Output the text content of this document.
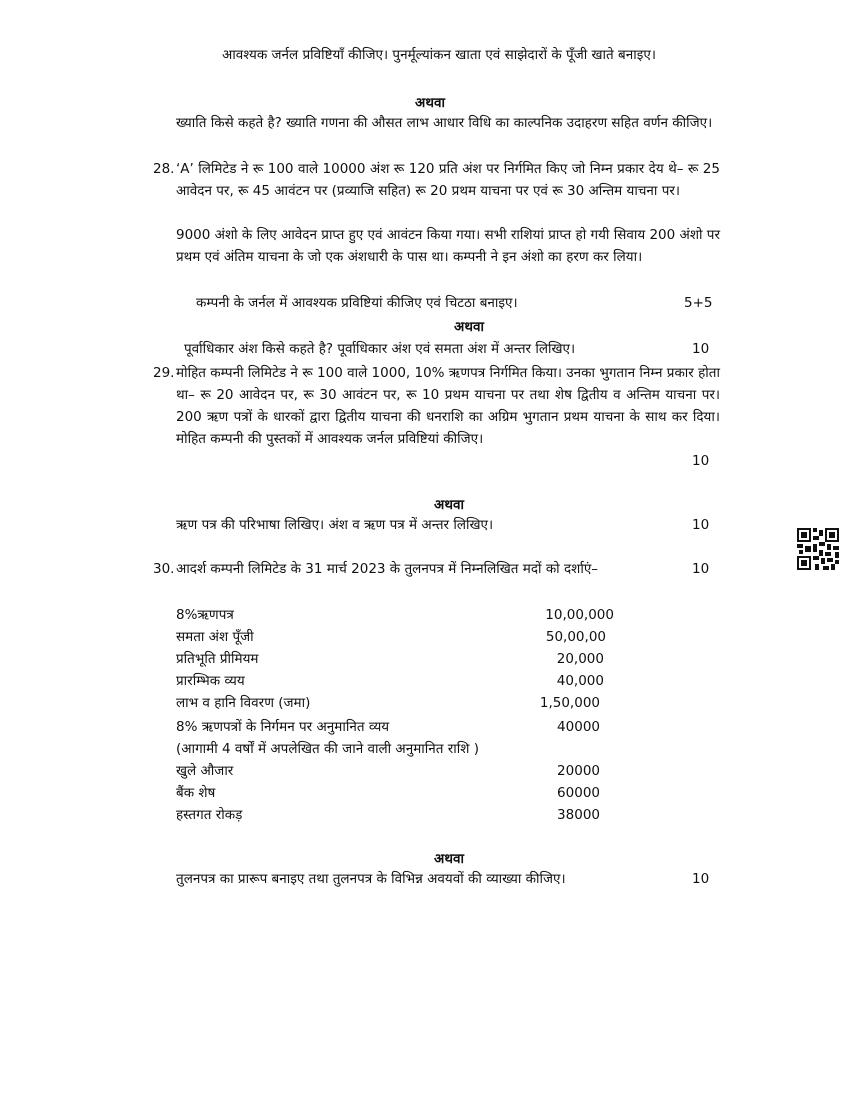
आवश्यक जर्नल प्रविष्टियाँ कीजिए। पुनर्मूल्यांकन खाता एवं साझेदारों के पूँजी खाते बनाइए।
अथवा
ख्याति किसे कहते है? ख्याति गणना की औसत लाभ आधार विधि का काल्पनिक उदाहरण सहित वर्णन कीजिए।
28. ‘A’ लिमिटेड ने रू 100 वाले 10000 अंश रू 120 प्रति अंश पर निर्गमित किए जो निम्न प्रकार देय थे– रू 25 आवेदन पर, रू 45 आवंटन पर (प्रव्याजि सहित) रू 20 प्रथम याचना पर एवं रू 30 अन्तिम याचना पर।
9000 अंशो के लिए आवेदन प्राप्त हुए एवं आवंटन किया गया। सभी राशियां प्राप्त हो गयी सिवाय 200 अंशो पर प्रथम एवं अंतिम याचना के जो एक अंशधारी के पास था। कम्पनी ने इन अंशो का हरण कर लिया।
कम्पनी के जर्नल में आवश्यक प्रविष्टियां कीजिए एवं चिटठा बनाइए।	5+5
अथवा
पूर्वाधिकार अंश किसे कहते है? पूर्वाधिकार अंश एवं समता अंश में अन्तर लिखिए।	10
29. मोहित कम्पनी लिमिटेड ने रू 100 वाले 1000, 10% ऋणपत्र निर्गमित किया। उनका भुगतान निम्न प्रकार होता था– रू 20 आवेदन पर, रू 30 आवंटन पर, रू 10 प्रथम याचना पर तथा शेष द्वितीय व अन्तिम याचना पर। 200 ऋण पत्रों के धारकों द्वारा द्वितीय याचना की धनराशि का अग्रिम भुगतान प्रथम याचना के साथ कर दिया। मोहित कम्पनी की पुस्तकों में आवश्यक जर्नल प्रविष्टियां कीजिए।
10
अथवा
ऋण पत्र की परिभाषा लिखिए। अंश व ऋण पत्र में अन्तर लिखिए।	10
30. आदर्श कम्पनी लिमिटेड के 31 मार्च 2023 के तुलनपत्र में निम्नलिखित मदों को दर्शाएं–	10
8%ऋणपत्र	10,00,000
समता अंश पूँजी	50,00,00
प्रतिभूति प्रीमियम	20,000
प्रारम्भिक व्यय	40,000
लाभ व हानि विवरण (जमा)	1,50,000
8% ऋणपत्रों के निर्गमन पर अनुमानित व्यय	40000
(आगामी 4 वर्षों में अपलेखित की जाने वाली अनुमानित राशि )
खुले औजार	20000
बैंक शेष	60000
हस्तगत रोकड़	38000
अथवा
तुलनपत्र का प्रारूप बनाइए तथा तुलनपत्र के विभिन्न अवयवों की व्याख्या कीजिए।	10
